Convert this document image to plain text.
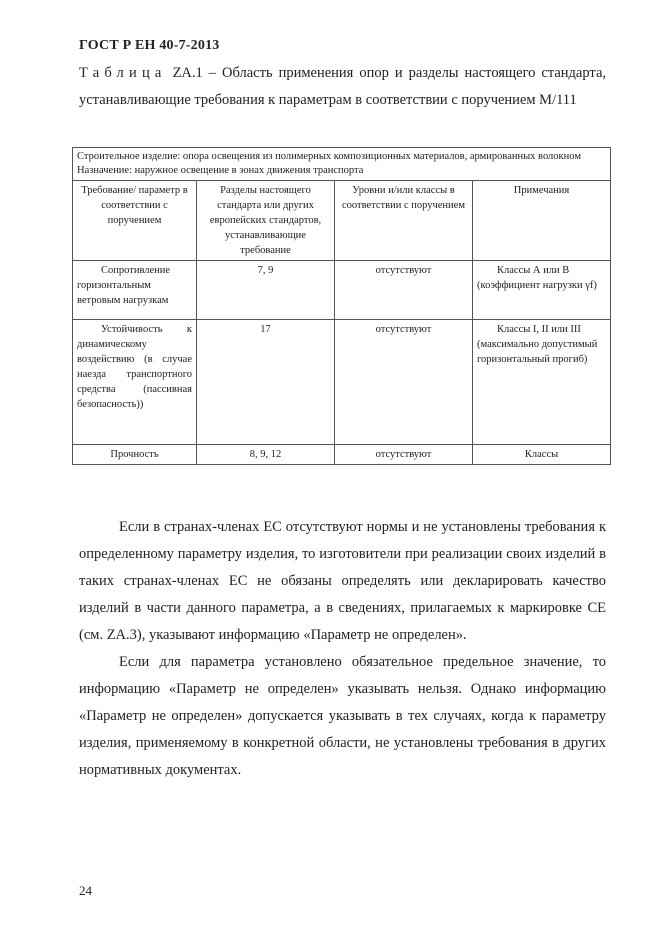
ГОСТ Р ЕН 40-7-2013
Таблица ZA.1 – Область применения опор и разделы настоящего стандарта, устанавливающие требования к параметрам в соответствии с поручением М/111
Строительное изделие: опора освещения из полимерных композиционных материалов, армированных волокном
Назначение: наружное освещение в зонах движения транспорта			

Требование/ параметр в соответствии с поручением	Разделы настоящего стандарта или других европейских стандартов, устанавливающие требование	Уровни и/или классы в соответствии с поручением	Примечания
Сопротивление горизонтальным ветровым нагрузкам	7, 9	отсутствуют	Классы А или В (коэффициент нагрузки γf)
Устойчивость к динамическому воздействию (в случае наезда транспортного средства (пассивная безопасность))	17	отсутствуют	Классы I, II или III (максимально допустимый горизонтальный прогиб)
Прочность	8, 9, 12	отсутствуют	Классы

Если в странах-членах ЕС отсутствуют нормы и не установлены требования к определенному параметру изделия, то изготовители при реализации своих изделий в таких странах-членах ЕС не обязаны определять или декларировать качество изделий в части данного параметра, а в сведениях, прилагаемых к маркировке СЕ (см. ZA.3), указывают информацию «Параметр не определен».

Если для параметра установлено обязательное предельное значение, то информацию «Параметр не определен» указывать нельзя. Однако информацию «Параметр не определен» допускается указывать в тех случаях, когда к параметру изделия, применяемому в конкретной области, не установлены требования в других нормативных документах.

24
